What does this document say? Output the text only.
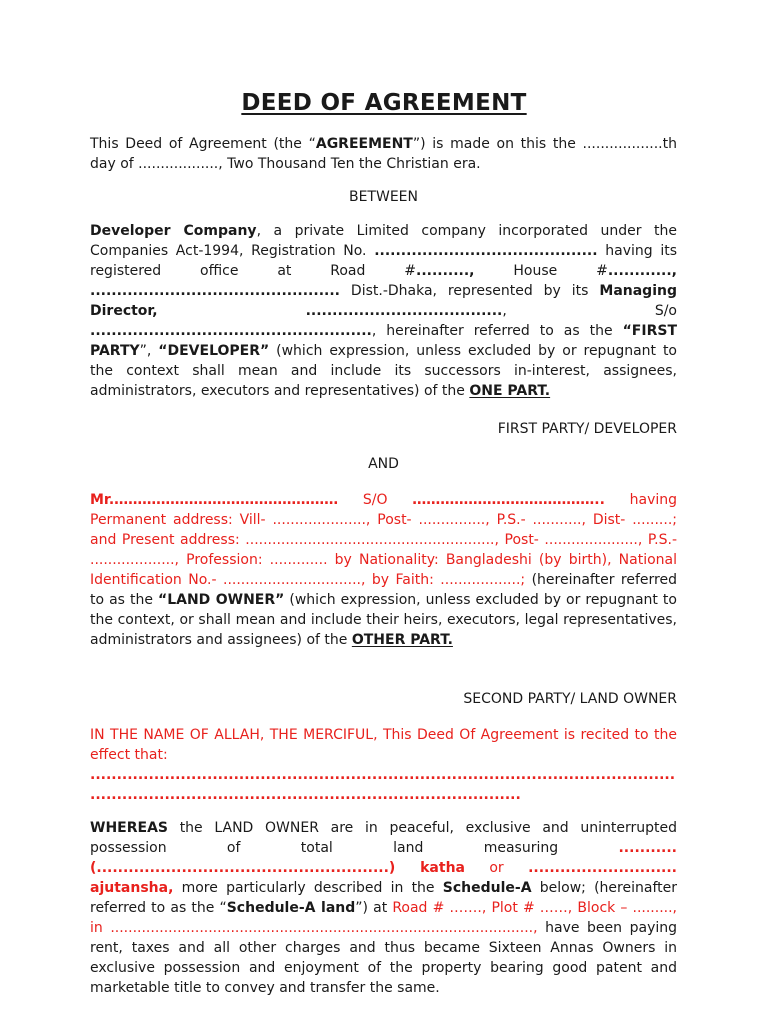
DEED OF AGREEMENT
This Deed of Agreement (the “AGREEMENT”) is made on this the ..................th day of .................., Two Thousand Ten the Christian era.
BETWEEN
Developer Company, a private Limited company incorporated under the Companies Act-1994, Registration No. .......................................... having its registered office at Road #.........., House #............, ............................................... Dist.-Dhaka, represented by its Managing Director,	....................................., S/o ....................................................., hereinafter referred to as the “FIRST PARTY”, “DEVELOPER” (which expression, unless excluded by or repugnant to the context shall mean and include its successors in-interest, assignees, administrators, executors and representatives) of the ONE PART.
FIRST PARTY/ DEVELOPER
AND
Mr.………………………………………… S/O ………………………………….. having Permanent address: Vill- ....................., Post- ..............., P.S.- ..........., Dist- .........; and Present address: ........................................................, Post- ....................., P.S.- ..................., Profession: ............. by Nationality: Bangladeshi (by birth), National Identification No.- ..............................., by Faith: ..................; (hereinafter referred to as the “LAND OWNER” (which expression, unless excluded by or repugnant to the context, or shall mean and include their heirs, executors, legal representatives, administrators and assignees) of the OTHER PART.
SECOND PARTY/ LAND OWNER
IN THE NAME OF ALLAH, THE MERCIFUL, This Deed Of Agreement is recited to the effect that:
..............................................................................................................
.................................................................................
WHEREAS the LAND OWNER are in peaceful, exclusive and uninterrupted possession of total land measuring ........... (.......................................................) katha or ............................ ajutansha, more particularly described in the Schedule-A below; (hereinafter referred to as the “Schedule-A land”) at Road # ……., Plot # ……, Block – ........., in ..............................................................................................., have been paying rent, taxes and all other charges and thus became Sixteen Annas Owners in exclusive possession and enjoyment of the property bearing good patent and marketable title to convey and transfer the same.
